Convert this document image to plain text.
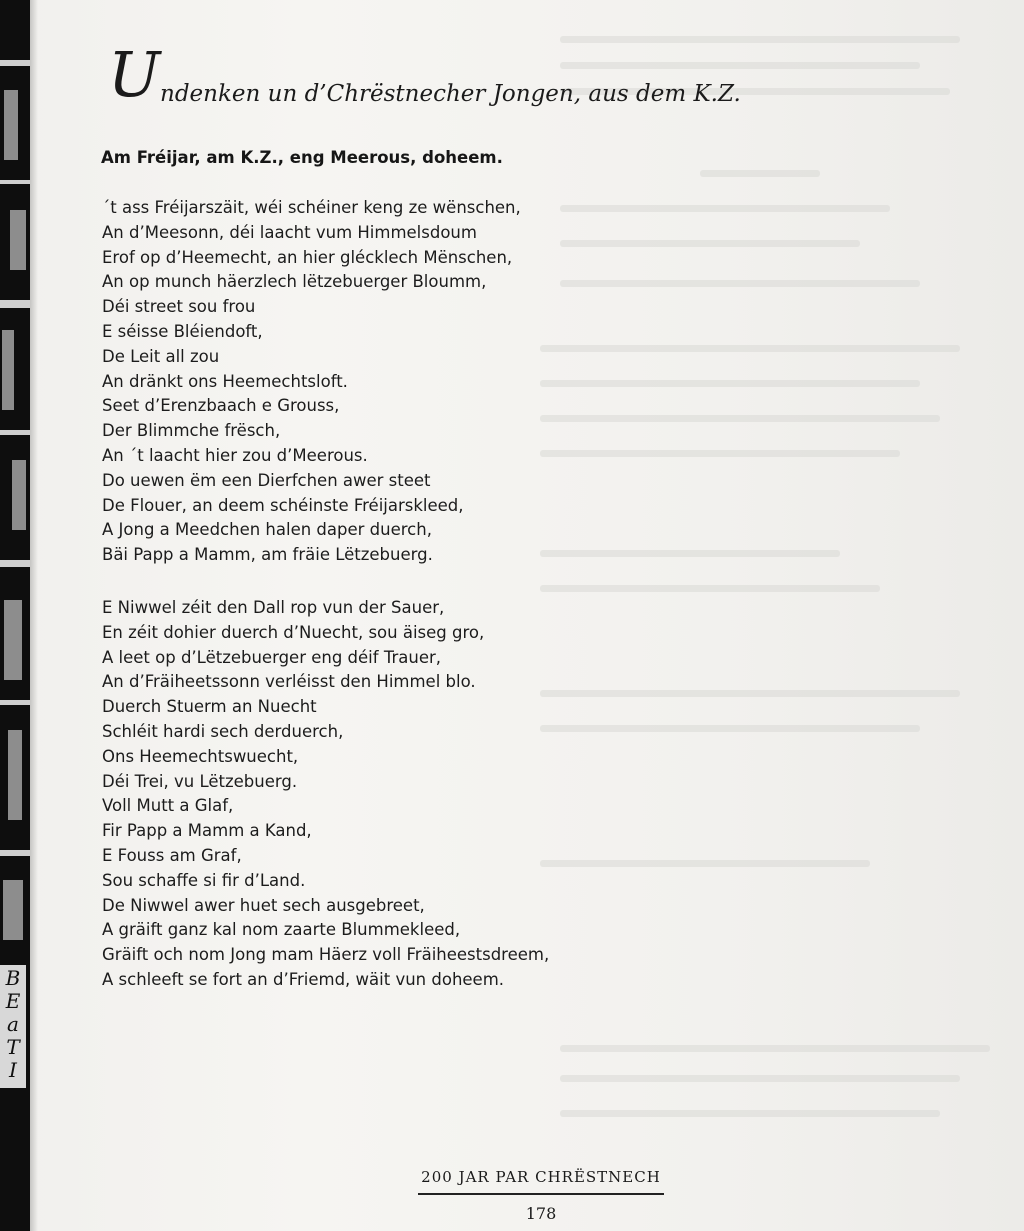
B
E
a
T
I
U ndenken un d’Chrëstnecher Jongen, aus dem K.Z.
Am Fréijar, am K.Z., eng Meerous, doheem.
´t ass Fréijarszäit, wéi schéiner keng ze wënschen,
An d’Meesonn, déi laacht vum Himmelsdoum
Erof op d’Heemecht, an hier glécklech Mënschen,
An op munch häerzlech lëtzebuerger Bloumm,
Déi street sou frou
E séisse Bléiendoft,
De Leit all zou
An dränkt ons Heemechtsloft.
Seet d’Erenzbaach e Grouss,
Der Blimmche frësch,
An ´t laacht hier zou d’Meerous.
Do uewen ëm een Dierfchen awer steet
De Flouer, an deem schéinste Fréijarskleed,
A Jong a Meedchen halen daper duerch,
Bäi Papp a Mamm, am fräie Lëtzebuerg.
E Niwwel zéit den Dall rop vun der Sauer,
En zéit dohier duerch d’Nuecht, sou äiseg gro,
A leet op d’Lëtzebuerger eng déif Trauer,
An d’Fräiheetssonn verléisst den Himmel blo.
Duerch Stuerm an Nuecht
Schléit hardi sech derduerch,
Ons Heemechtswuecht,
Déi Trei, vu Lëtzebuerg.
Voll Mutt a Glaf,
Fir Papp a Mamm a Kand,
E Fouss am Graf,
Sou schaffe si fir d’Land.
De Niwwel awer huet sech ausgebreet,
A gräift ganz kal nom zaarte Blummekleed,
Gräift och nom Jong mam Häerz voll Fräiheestsdreem,
A schleeft se fort an d’Friemd, wäit vun doheem.
200 JAR PAR CHRËSTNECH
178
